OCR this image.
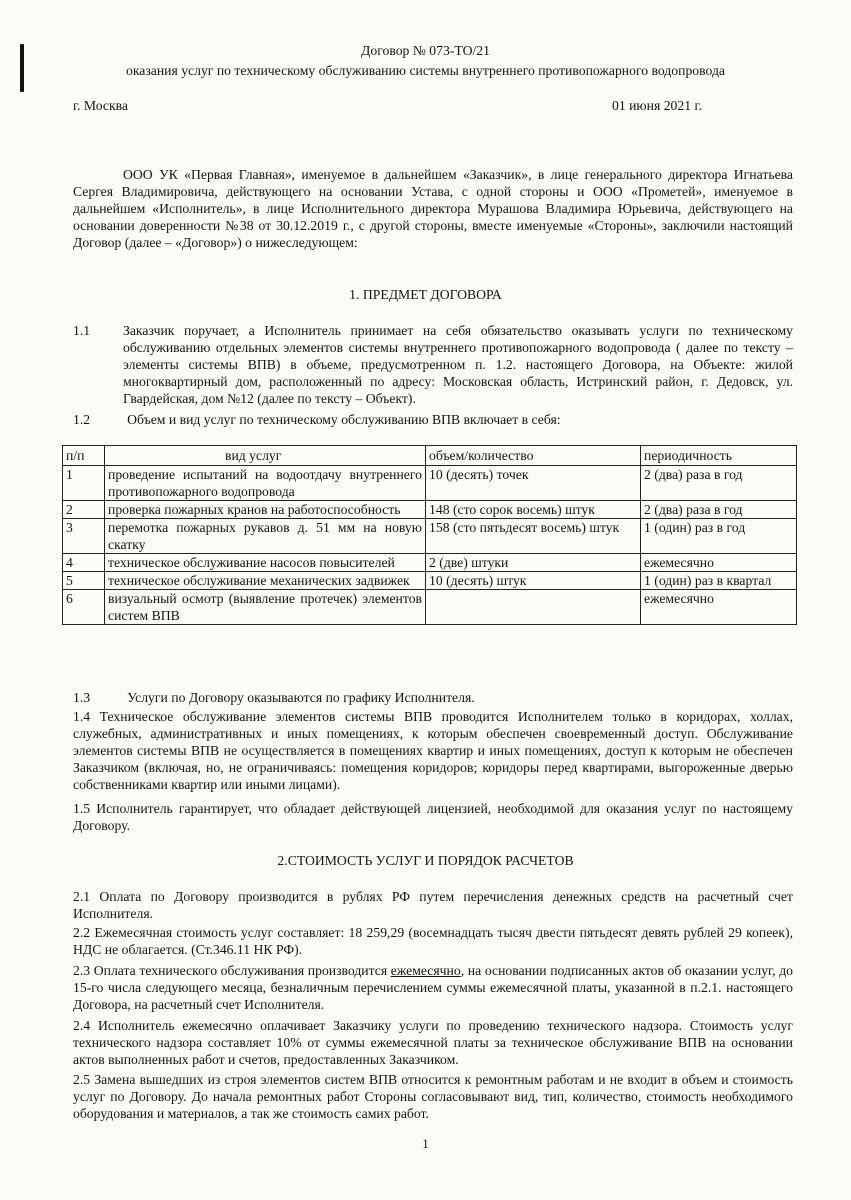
Договор № 073-ТО/21
оказания услуг по техническому обслуживанию системы внутреннего противопожарного водопровода
г. Москва	01 июня 2021 г.

ООО УК «Первая Главная», именуемое в дальнейшем «Заказчик», в лице генерального директора Игнатьева Сергея Владимировича, действующего на основании Устава, с одной стороны и ООО «Прометей», именуемое в дальнейшем «Исполнитель», в лице Исполнительного директора Мурашова Владимира Юрьевича, действующего на основании доверенности №38 от 30.12.2019 г., с другой стороны, вместе именуемые «Стороны», заключили настоящий Договор (далее – «Договор») о нижеследующем:

1. ПРЕДМЕТ ДОГОВОРА
1.1	Заказчик поручает, а Исполнитель принимает на себя обязательство оказывать услуги по техническому обслуживанию отдельных элементов системы внутреннего противопожарного водопровода ( далее по тексту – элементы системы ВПВ) в объеме, предусмотренном п. 1.2. настоящего Договора, на Объекте: жилой многоквартирный дом, расположенный по адресу: Московская область, Истринский район, г. Дедовск, ул. Гвардейская, дом №12 (далее по тексту – Объект).

1.2	Объем и вид услуг по техническому обслуживанию ВПВ включает в себя:

п/п	вид услуг	объем/количество	периодичность
1	проведение испытаний на водоотдачу внутреннего противопожарного водопровода	10 (десять) точек	2 (два) раза в год
2	проверка пожарных кранов на работоспособность	148 (сто сорок восемь) штук	2 (два) раза в год
3	перемотка пожарных рукавов д. 51 мм на новую скатку	158 (сто пятьдесят восемь) штук	1 (один) раз в год
4	техническое обслуживание насосов повысителей	2 (две) штуки	ежемесячно
5	техническое обслуживание механических задвижек	10 (десять) штук	1 (один) раз в квартал
6	визуальный осмотр (выявление протечек) элементов систем ВПВ		ежемесячно

1.3	Услуги по Договору оказываются по графику Исполнителя.

1.4 Техническое обслуживание элементов системы ВПВ проводится Исполнителем только в коридорах, холлах, служебных, административных и иных помещениях, к которым обеспечен своевременный доступ. Обслуживание элементов системы ВПВ не осуществляется в помещениях квартир и иных помещениях, доступ к которым не обеспечен Заказчиком (включая, но, не ограничиваясь: помещения коридоров; коридоры перед квартирами, выгороженные дверью собственниками квартир или иными лицами).

1.5 Исполнитель гарантирует, что обладает действующей лицензией, необходимой для оказания услуг по настоящему Договору.

2.СТОИМОСТЬ УСЛУГ И ПОРЯДОК РАСЧЕТОВ

2.1 Оплата по Договору производится в рублях РФ путем перечисления денежных средств на расчетный счет Исполнителя.

2.2 Ежемесячная стоимость услуг составляет: 18 259,29 (восемнадцать тысяч двести пятьдесят девять рублей 29 копеек), НДС не облагается. (Ст.346.11 НК РФ).

2.3 Оплата технического обслуживания производится ежемесячно, на основании подписанных актов об оказании услуг, до 15-го числа следующего месяца, безналичным перечислением суммы ежемесячной платы, указанной в п.2.1. настоящего Договора, на расчетный счет Исполнителя.

2.4 Исполнитель ежемесячно оплачивает Заказчику услуги по проведению технического надзора. Стоимость услуг технического надзора составляет 10% от суммы ежемесячной платы за техническое обслуживание ВПВ на основании актов выполненных работ и счетов, предоставленных Заказчиком.

2.5 Замена вышедших из строя элементов систем ВПВ относится к ремонтным работам и не входит в объем и стоимость услуг по Договору. До начала ремонтных работ Стороны согласовывают вид, тип, количество, стоимость необходимого оборудования и материалов, а так же стоимость самих работ.

1
